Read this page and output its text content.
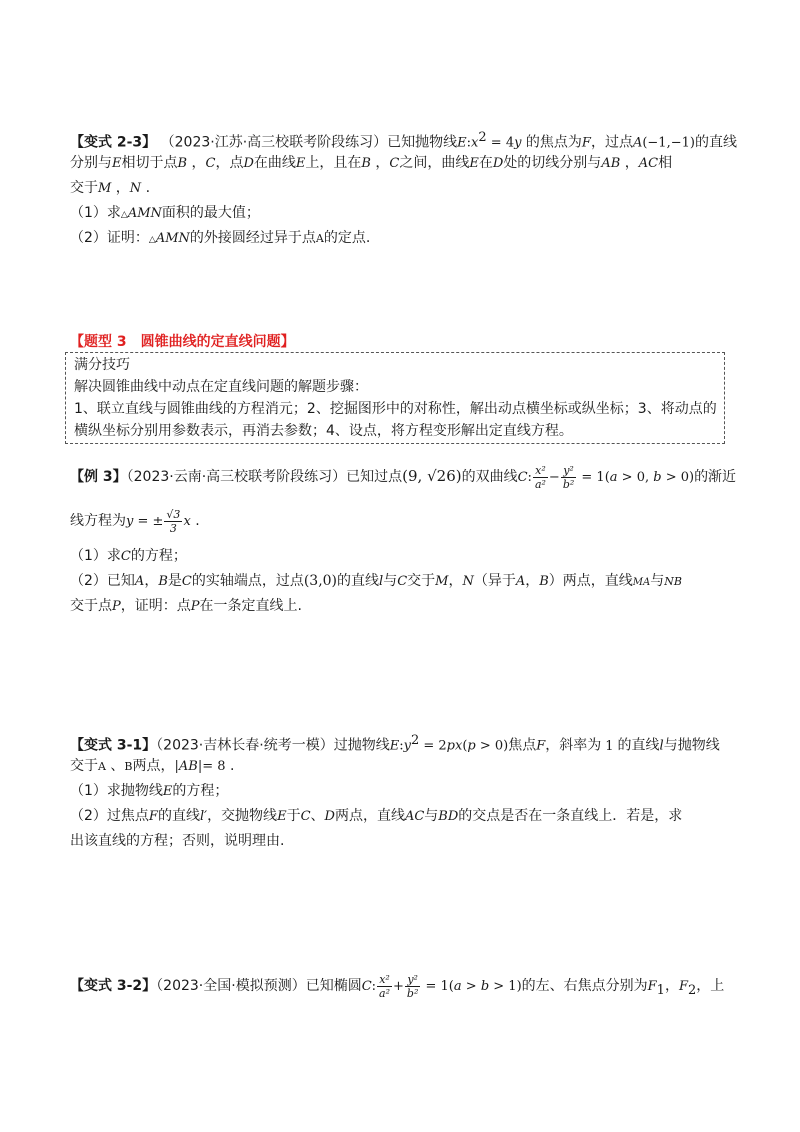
【变式 2-3】 （2023·江苏·高三校联考阶段练习）已知抛物线$E:x^2 = 4y$ 的焦点为F，过点A(−1,−1)的直线
分别与E相切于点B ，C，点D在曲线E上，且在B ，C之间，曲线E在D处的切线分别与AB ，AC相
交于M ，N .
（1）求△AMN面积的最大值；
（2）证明：△AMN的外接圆经过异于点A的定点.
【题型 3　圆锥曲线的定直线问题】
满分技巧
解决圆锥曲线中动点在定直线问题的解题步骤：
1、联立直线与圆锥曲线的方程消元；2、挖掘图形中的对称性，解出动点横坐标或纵坐标；3、将动点的
横纵坐标分别用参数表示，再消去参数；4、设点，将方程变形解出定直线方程。
【例 3】（2023·云南·高三校联考阶段练习）已知过点(9, √26)的双曲线C: $\frac{\text{x²}}{\text{a²}} - \frac{\text{y²}}{\text{b²}} = 1(a > 0$, b > 0)的渐近
线方程为y = ± $\frac{√3}{3}$ x .
（1）求C的方程；
（2）已知A，B是C的实轴端点，过点(3,0)的直线l与C交于M，N（异于A，B）两点，直线MA与NB
交于点P，证明：点P在一条定直线上.
【变式 3-1】（2023·吉林长春·统考一模）过抛物线$E:y^2 = 2px(p > 0)$焦点F，斜率为 1 的直线l与抛物线
交于A 、B两点，|AB|= 8 .
（1）求抛物线E的方程；
（2）过焦点F的直线l′，交抛物线E于C、D两点，直线AC与BD的交点是否在一条直线上．若是，求
出该直线的方程；否则，说明理由.
【变式 3-2】（2023·全国·模拟预测）已知椭圆C: $\frac{\text{x²}}{\text{a²}} + \frac{\text{y²}}{\text{b²}} = 1(a > b > 1)$的左、右焦点分别为$F_1$，$F_2$，上
